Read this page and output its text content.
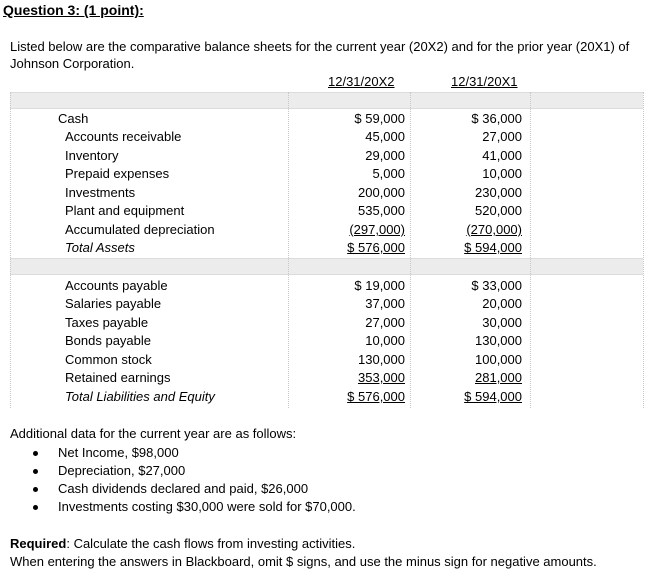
Question 3: (1 point):
Listed below are the comparative balance sheets for the current year (20X2) and for the prior year (20X1) of Johnson Corporation.
12/31/20X2	12/31/20X1
Cash	$ 59,000	$ 36,000
Accounts receivable	45,000	27,000
Inventory	29,000	41,000
Prepaid expenses	5,000	10,000
Investments	200,000	230,000
Plant and equipment	535,000	520,000
Accumulated depreciation	(297,000)	(270,000)
Total Assets	$ 576,000	$ 594,000
Accounts payable	$ 19,000	$ 33,000
Salaries payable	37,000	20,000
Taxes payable	27,000	30,000
Bonds payable	10,000	130,000
Common stock	130,000	100,000
Retained earnings	353,000	281,000
Total Liabilities and Equity	$ 576,000	$ 594,000
Additional data for the current year are as follows:
Net Income, $98,000
Depreciation, $27,000
Cash dividends declared and paid, $26,000
Investments costing $30,000 were sold for $70,000.
Required: Calculate the cash flows from investing activities.
When entering the answers in Blackboard, omit $ signs, and use the minus sign for negative amounts.
